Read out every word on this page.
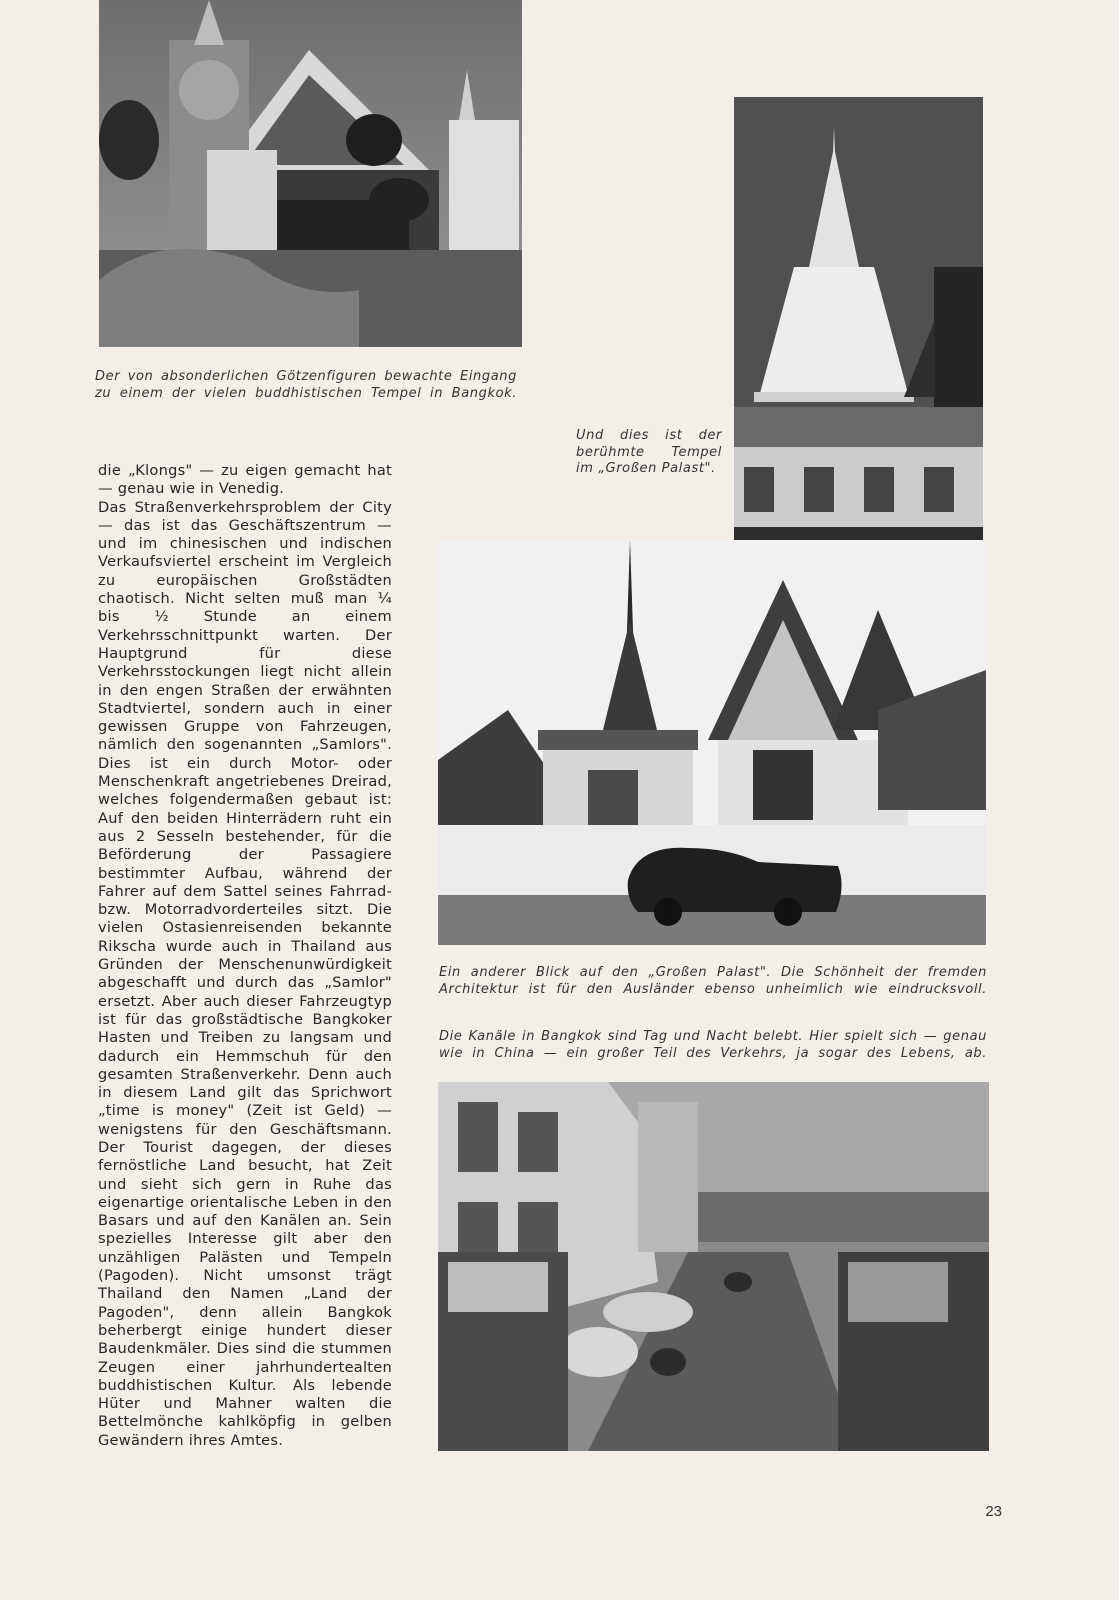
Der von absonderlichen Götzenfiguren bewachte Eingang zu einem der vielen buddhistischen Tempel in Bangkok.

Und dies ist der berühmte Tempel im „Großen Palast".

die „Klongs" — zu eigen gemacht hat — genau wie in Venedig.

Das Straßenverkehrsproblem der City — das ist das Geschäftszentrum — und im chinesischen und indischen Verkaufsviertel erscheint im Vergleich zu europäischen Großstädten chaotisch. Nicht selten muß man ¼ bis ½ Stunde an einem Verkehrsschnittpunkt warten. Der Hauptgrund für diese Verkehrsstockungen liegt nicht allein in den engen Straßen der erwähnten Stadtviertel, sondern auch in einer gewissen Gruppe von Fahrzeugen, nämlich den sogenannten „Samlors". Dies ist ein durch Motor- oder Menschenkraft angetriebenes Dreirad, welches folgendermaßen gebaut ist: Auf den beiden Hinterrädern ruht ein aus 2 Sesseln bestehender, für die Beförderung der Passagiere bestimmter Aufbau, während der Fahrer auf dem Sattel seines Fahrrad- bzw. Motorradvorderteiles sitzt. Die vielen Ostasienreisenden bekannte Rikscha wurde auch in Thailand aus Gründen der Menschenunwürdigkeit abgeschafft und durch das „Samlor" ersetzt. Aber auch dieser Fahrzeugtyp ist für das großstädtische Bangkoker Hasten und Treiben zu langsam und dadurch ein Hemmschuh für den gesamten Straßenverkehr. Denn auch in diesem Land gilt das Sprichwort „time is money" (Zeit ist Geld) — wenigstens für den Geschäftsmann. Der Tourist dagegen, der dieses fernöstliche Land besucht, hat Zeit und sieht sich gern in Ruhe das eigenartige orientalische Leben in den Basars und auf den Kanälen an. Sein spezielles Interesse gilt aber den unzähligen Palästen und Tempeln (Pagoden). Nicht umsonst trägt Thailand den Namen „Land der Pagoden", denn allein Bangkok beherbergt einige hundert dieser Baudenkmäler. Dies sind die stummen Zeugen einer jahrhundertealten buddhistischen Kultur. Als lebende Hüter und Mahner walten die Bettelmönche kahlköpfig in gelben Gewändern ihres Amtes.

Ein anderer Blick auf den „Großen Palast". Die Schönheit der fremden Architektur ist für den Ausländer ebenso unheimlich wie eindrucksvoll.

Die Kanäle in Bangkok sind Tag und Nacht belebt. Hier spielt sich — genau wie in China — ein großer Teil des Verkehrs, ja sogar des Lebens, ab.

23
